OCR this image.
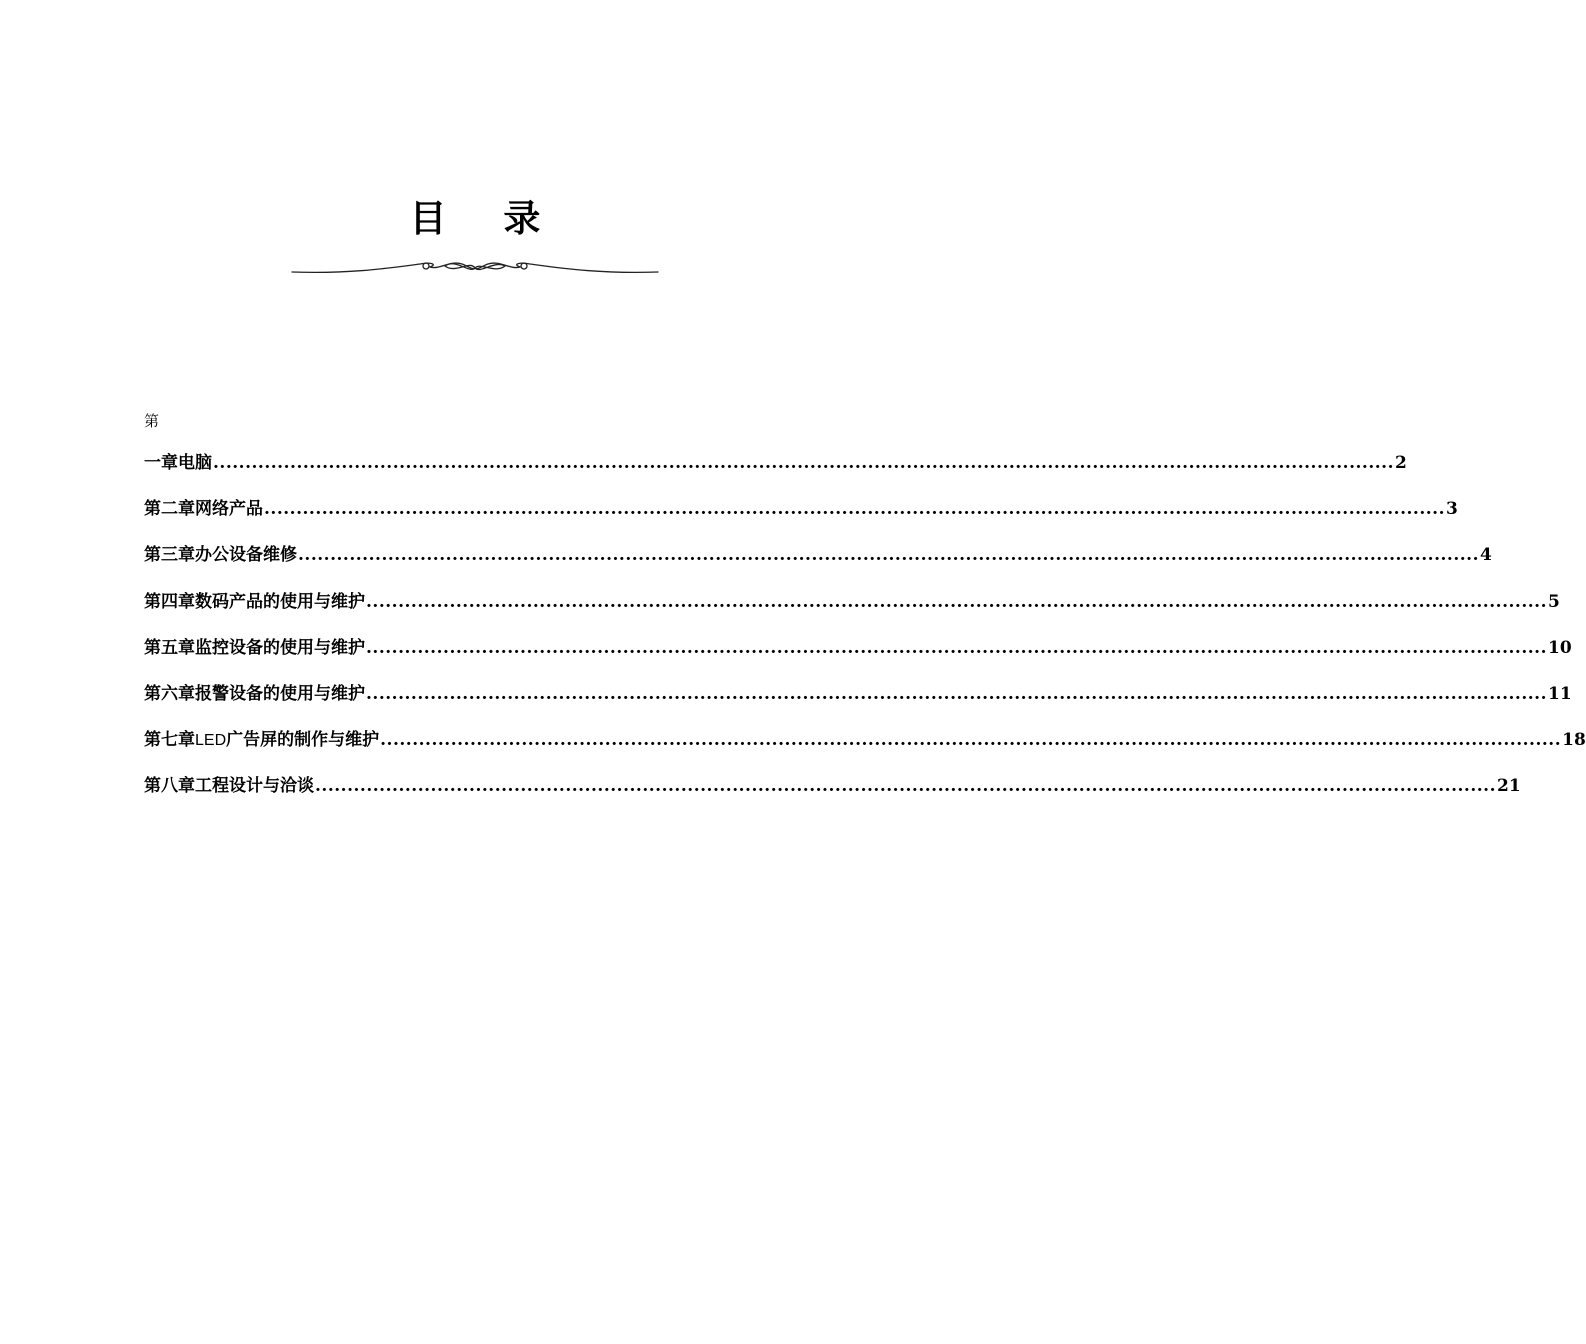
目 录
第
一章 电脑 ........................................................................................................................................................................................ 2
第二章 网络产品 ........................................................................................................................................................................................ 3
第三章 办公设备维修 ........................................................................................................................................................................................ 4
第四章 数码产品的使用与维护 ........................................................................................................................................................................................ 5
第五章 监控设备的使用与维护 ........................................................................................................................................................................................ 10
第六章 报警设备的使用与维护 ........................................................................................................................................................................................ 11
第七章 LED广告屏的制作与维护 ........................................................................................................................................................................................ 18
第八章 工程设计与洽谈 ........................................................................................................................................................................................ 21
